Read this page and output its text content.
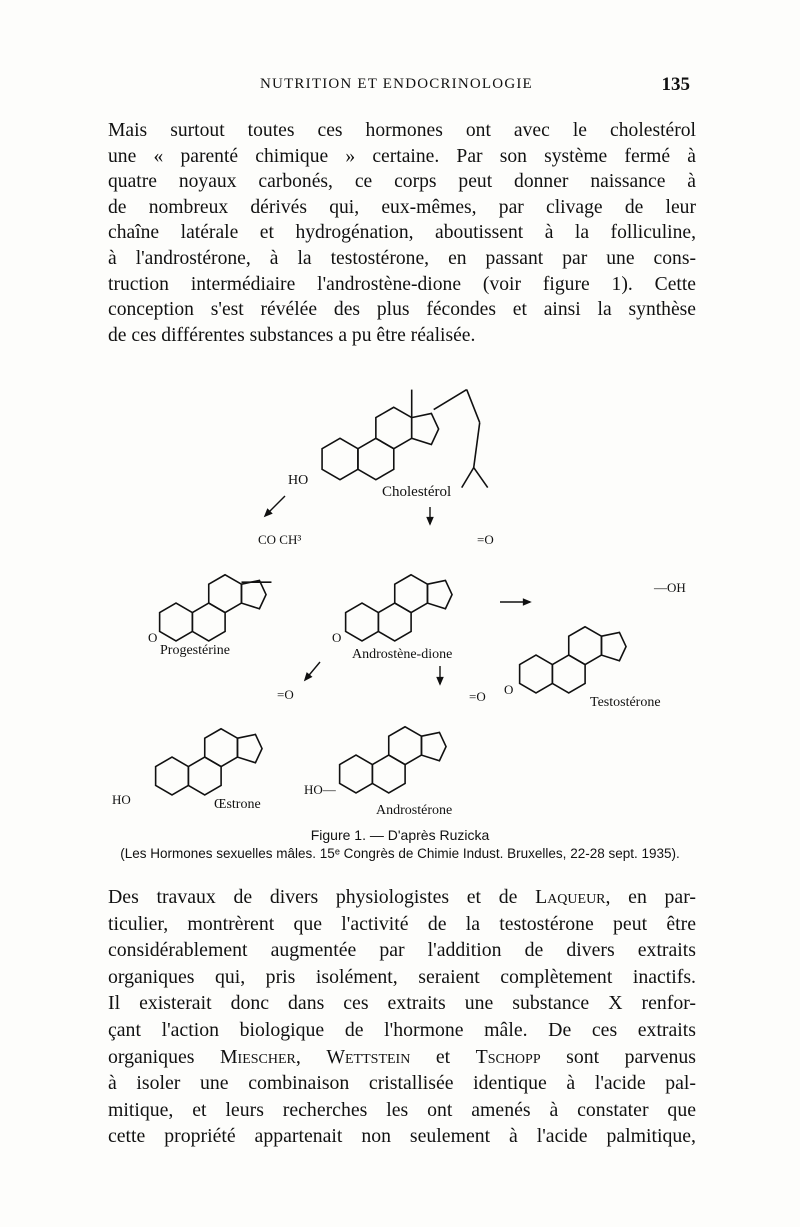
NUTRITION ET ENDOCRINOLOGIE	135
Mais surtout toutes ces hormones ont avec le cholestérol
une « parenté chimique » certaine. Par son système fermé à
quatre noyaux carbonés, ce corps peut donner naissance à
de nombreux dérivés qui, eux-mêmes, par clivage de leur
chaîne latérale et hydrogénation, aboutissent à la folliculine,
à l'androstérone, à la testostérone, en passant par une cons-
truction intermédiaire l'androstène-dione (voir figure 1). Cette
conception s'est révélée des plus fécondes et ainsi la synthèse
de ces différentes substances a pu être réalisée.
HO
Cholestérol
CO CH³
O
Progestérine
=O
O
Androstène-dione
—OH
O
Testostérone
=O
HO	Œstrone
=O
HO—
Androstérone
Figure 1. — D'après Ruzicka
(Les Hormones sexuelles mâles. 15ᵉ Congrès de Chimie Indust. Bruxelles, 22-28 sept. 1935).
Des travaux de divers physiologistes et de Laqueur, en par-
ticulier, montrèrent que l'activité de la testostérone peut être
considérablement augmentée par l'addition de divers extraits
organiques qui, pris isolément, seraient complètement inactifs.
Il existerait donc dans ces extraits une substance X renfor-
çant l'action biologique de l'hormone mâle. De ces extraits
organiques Miescher, Wettstein et Tschopp sont parvenus
à isoler une combinaison cristallisée identique à l'acide pal-
mitique, et leurs recherches les ont amenés à constater que
cette propriété appartenait non seulement à l'acide palmitique,
